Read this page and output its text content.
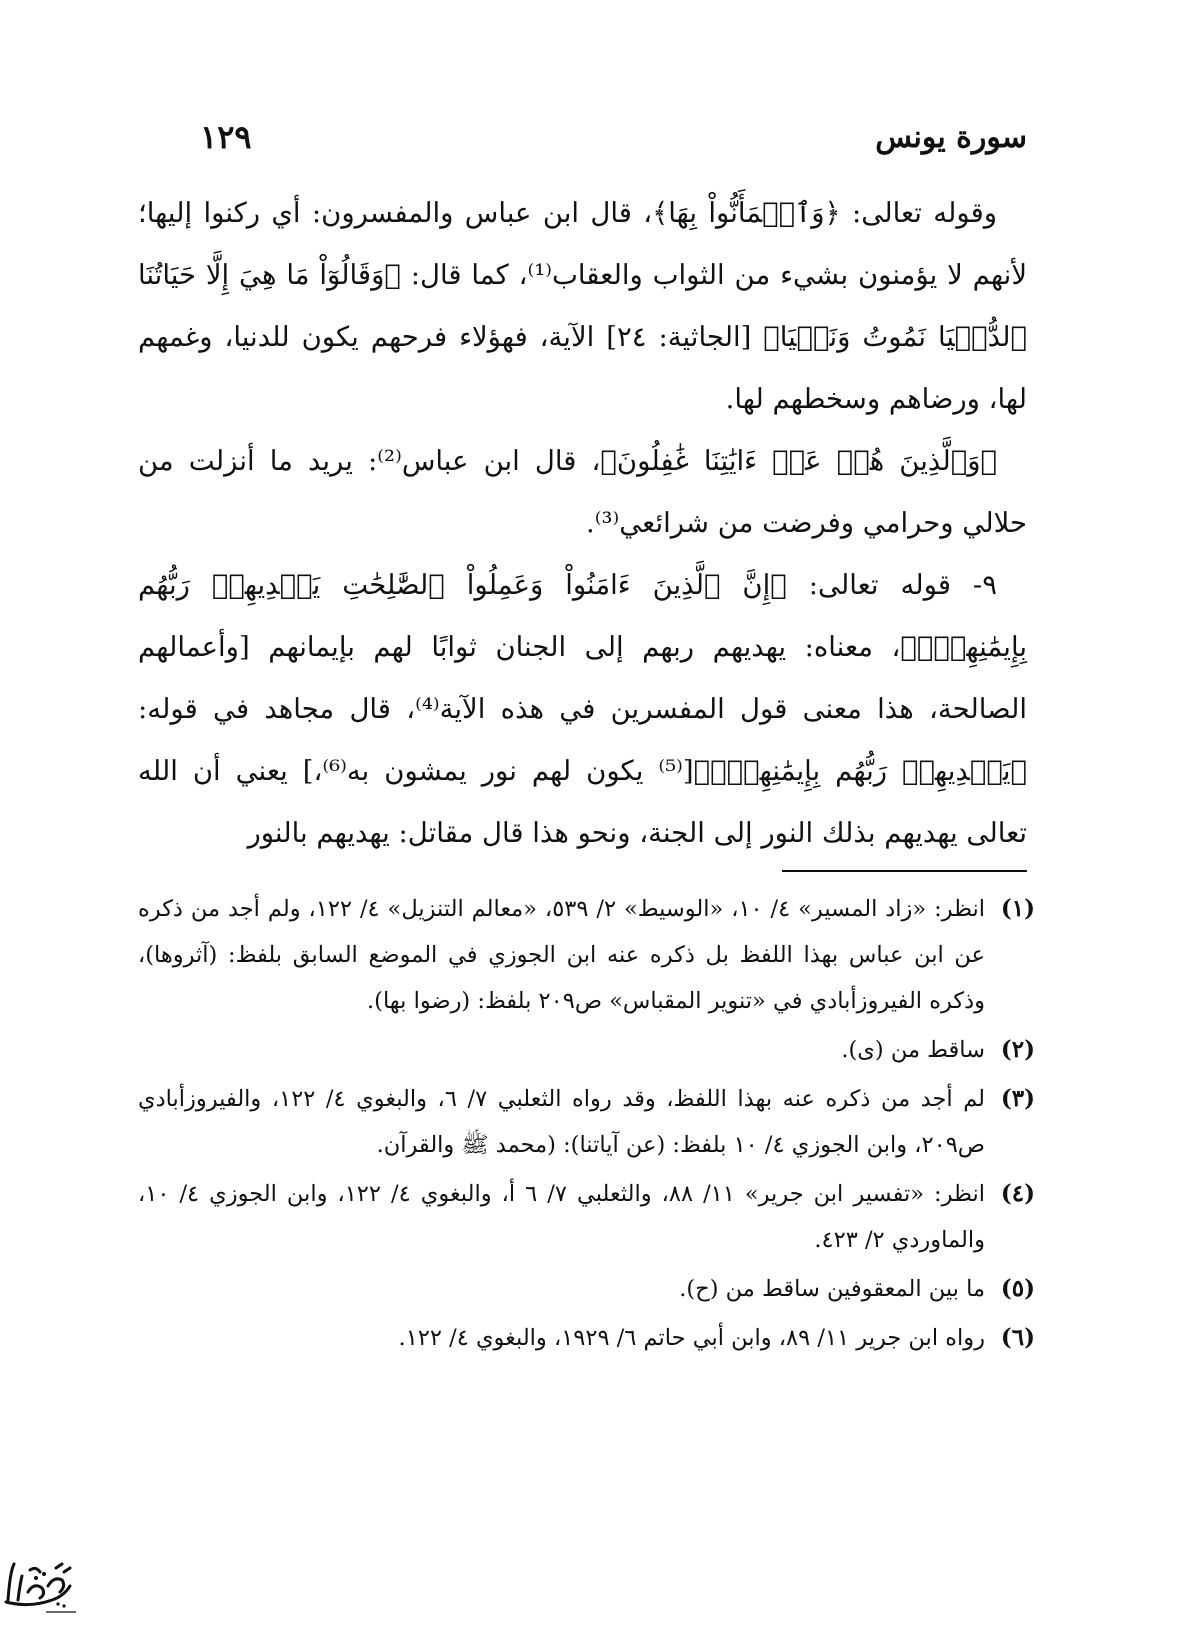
سورة يونس
١٢٩

وقوله تعالى: ﴿وَٱطۡمَأَنُّواْ بِهَا﴾، قال ابن عباس والمفسرون: أي ركنوا إليها؛ لأنهم لا يؤمنون بشيء من الثواب والعقاب⁽¹⁾، كما قال: ﴿وَقَالُوٓاْ مَا هِيَ إِلَّا حَيَاتُنَا ٱلدُّنۡيَا نَمُوتُ وَنَحۡيَا﴾ [الجاثية: ٢٤] الآية، فهؤلاء فرحهم يكون للدنيا، وغمهم لها، ورضاهم وسخطهم لها.

﴿وَٱلَّذِينَ هُمۡ عَنۡ ءَايَٰتِنَا غَٰفِلُونَ﴾، قال ابن عباس⁽²⁾: يريد ما أنزلت من حلالي وحرامي وفرضت من شرائعي⁽³⁾.

٩- قوله تعالى: ﴿إِنَّ ٱلَّذِينَ ءَامَنُواْ وَعَمِلُواْ ٱلصَّٰلِحَٰتِ يَهۡدِيهِمۡ رَبُّهُم بِإِيمَٰنِهِمۡۖ﴾، معناه: يهديهم ربهم إلى الجنان ثوابًا لهم بإيمانهم [وأعمالهم الصالحة، هذا معنى قول المفسرين في هذه الآية⁽⁴⁾، قال مجاهد في قوله: ﴿يَهۡدِيهِمۡ رَبُّهُم بِإِيمَٰنِهِمۡۖ﴾[⁽⁵⁾ يكون لهم نور يمشون به⁽⁶⁾،] يعني أن الله تعالى يهديهم بذلك النور إلى الجنة، ونحو هذا قال مقاتل: يهديهم بالنور

(١)
انظر: «زاد المسير» ٤/ ١٠، «الوسيط» ٢/ ٥٣٩، «معالم التنزيل» ٤/ ١٢٢، ولم أجد من ذكره عن ابن عباس بهذا اللفظ بل ذكره عنه ابن الجوزي في الموضع السابق بلفظ: (آثروها)، وذكره الفيروزأبادي في «تنوير المقباس» ص٢٠٩ بلفظ: (رضوا بها).
(٢)
ساقط من (ى).
(٣)
لم أجد من ذكره عنه بهذا اللفظ، وقد رواه الثعلبي ٧/ ٦، والبغوي ٤/ ١٢٢، والفيروزأبادي ص٢٠٩، وابن الجوزي ٤/ ١٠ بلفظ: (عن آياتنا): (محمد ﷺ والقرآن.
(٤)
انظر: «تفسير ابن جرير» ١١/ ٨٨، والثعلبي ٧/ ٦ أ، والبغوي ٤/ ١٢٢، وابن الجوزي ٤/ ١٠، والماوردي ٢/ ٤٢٣.
(٥)
ما بين المعقوفين ساقط من (ح).
(٦)
رواه ابن جرير ١١/ ٨٩، وابن أبي حاتم ٦/ ١٩٢٩، والبغوي ٤/ ١٢٢.
